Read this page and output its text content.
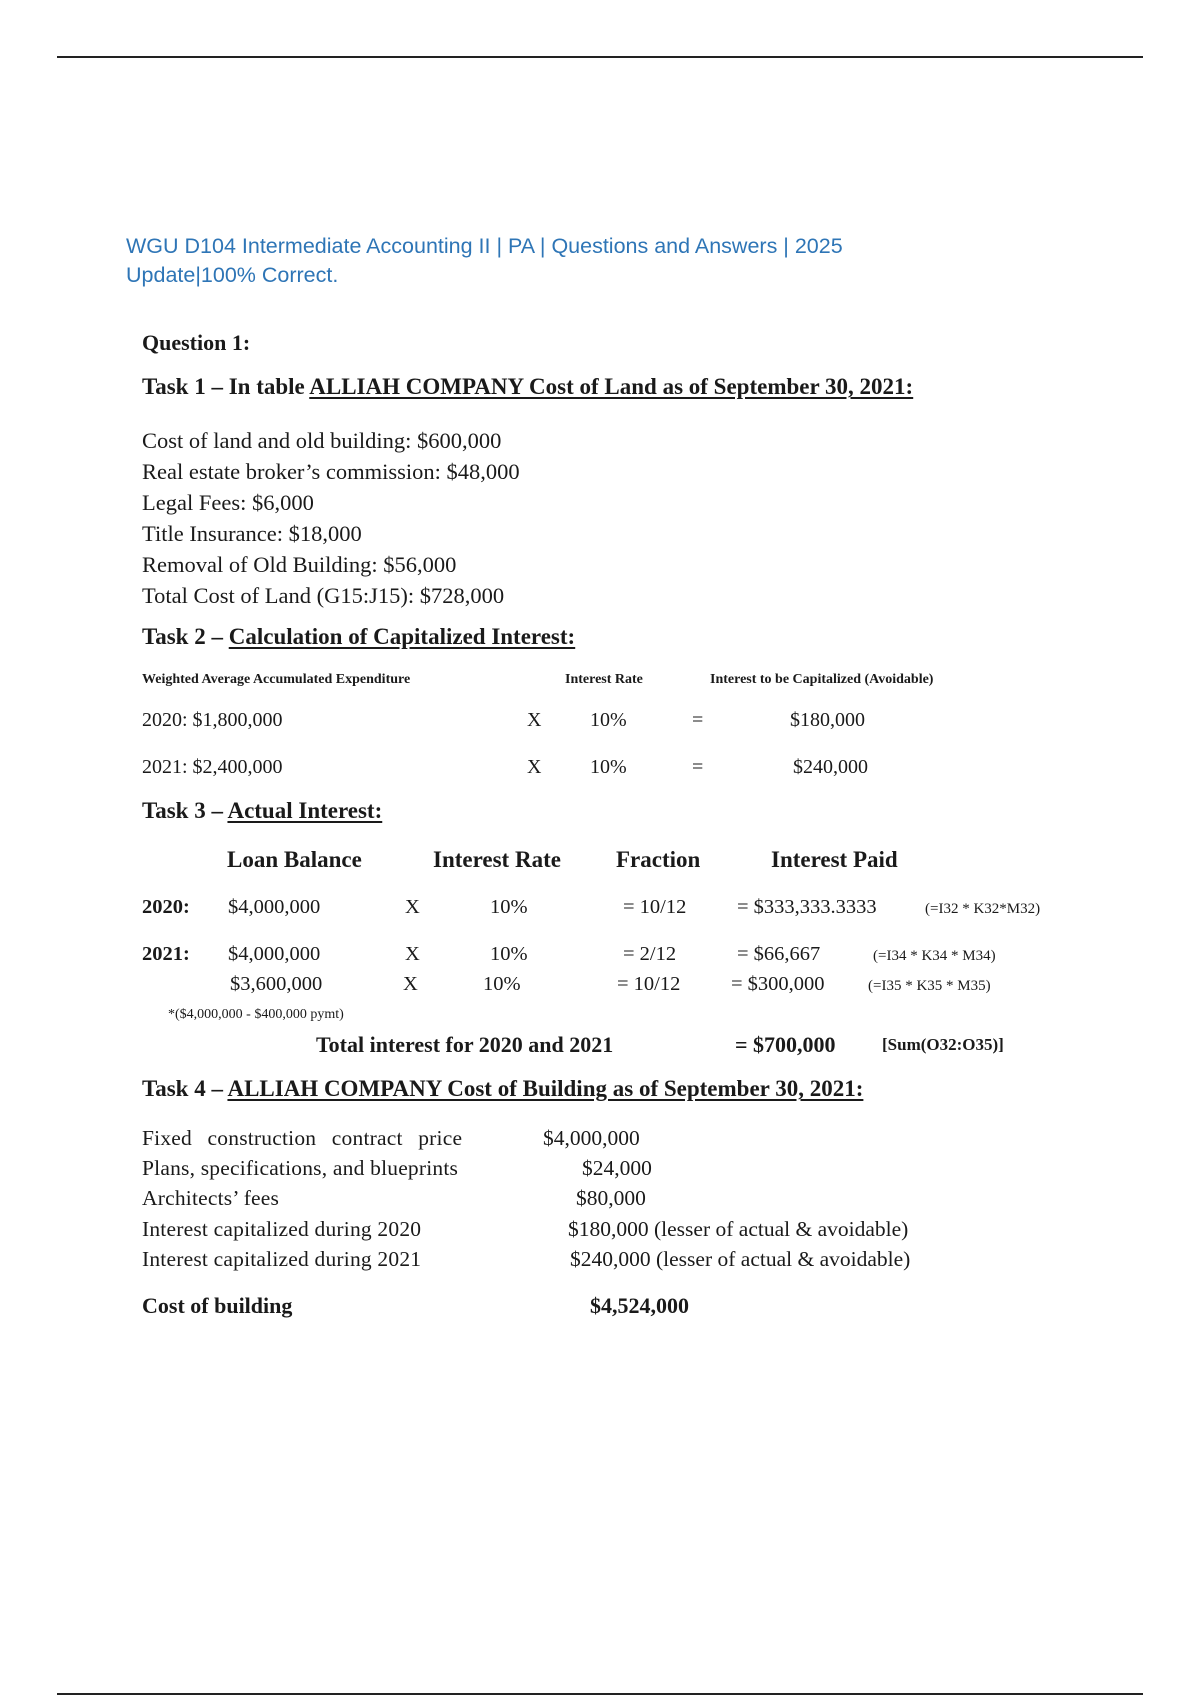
WGU D104 Intermediate Accounting II | PA | Questions and Answers | 2025
Update|100% Correct.
Question 1:
Task 1 – In table ALLIAH COMPANY Cost of Land as of September 30, 2021:
Cost of land and old building: $600,000
Real estate broker’s commission: $48,000
Legal Fees: $6,000
Title Insurance: $18,000
Removal of Old Building: $56,000
Total Cost of Land (G15:J15): $728,000
Task 2 – Calculation of Capitalized Interest:
Weighted Average Accumulated Expenditure	Interest Rate	Interest to be Capitalized (Avoidable)
2020: $1,800,000	X 10%	=	$180,000
2021: $2,400,000	X 10%	=	$240,000
Task 3 – Actual Interest:
Loan Balance	Interest Rate Fraction	Interest Paid
2020: $4,000,000	X	10%	= 10/12 = $333,333.3333	(=I32 * K32*M32)
2021: $4,000,000	X	10%	= 2/12	= $66,667	(=I34 * K34 * M34)
$3,600,000	X	10%	= 10/12 = $300,000	(=I35 * K35 * M35)
*($4,000,000 - $400,000 pymt)
Total interest for 2020 and 2021	= $700,000	[Sum(O32:O35)]
Task 4 – ALLIAH COMPANY Cost of Building as of September 30, 2021:
Fixed construction contract price	$4,000,000
Plans, specifications, and blueprints	$24,000
Architects’ fees	$80,000
Interest capitalized during 2020	$180,000 (lesser of actual & avoidable)
Interest capitalized during 2021	$240,000 (lesser of actual & avoidable)
Cost of building	$4,524,000
